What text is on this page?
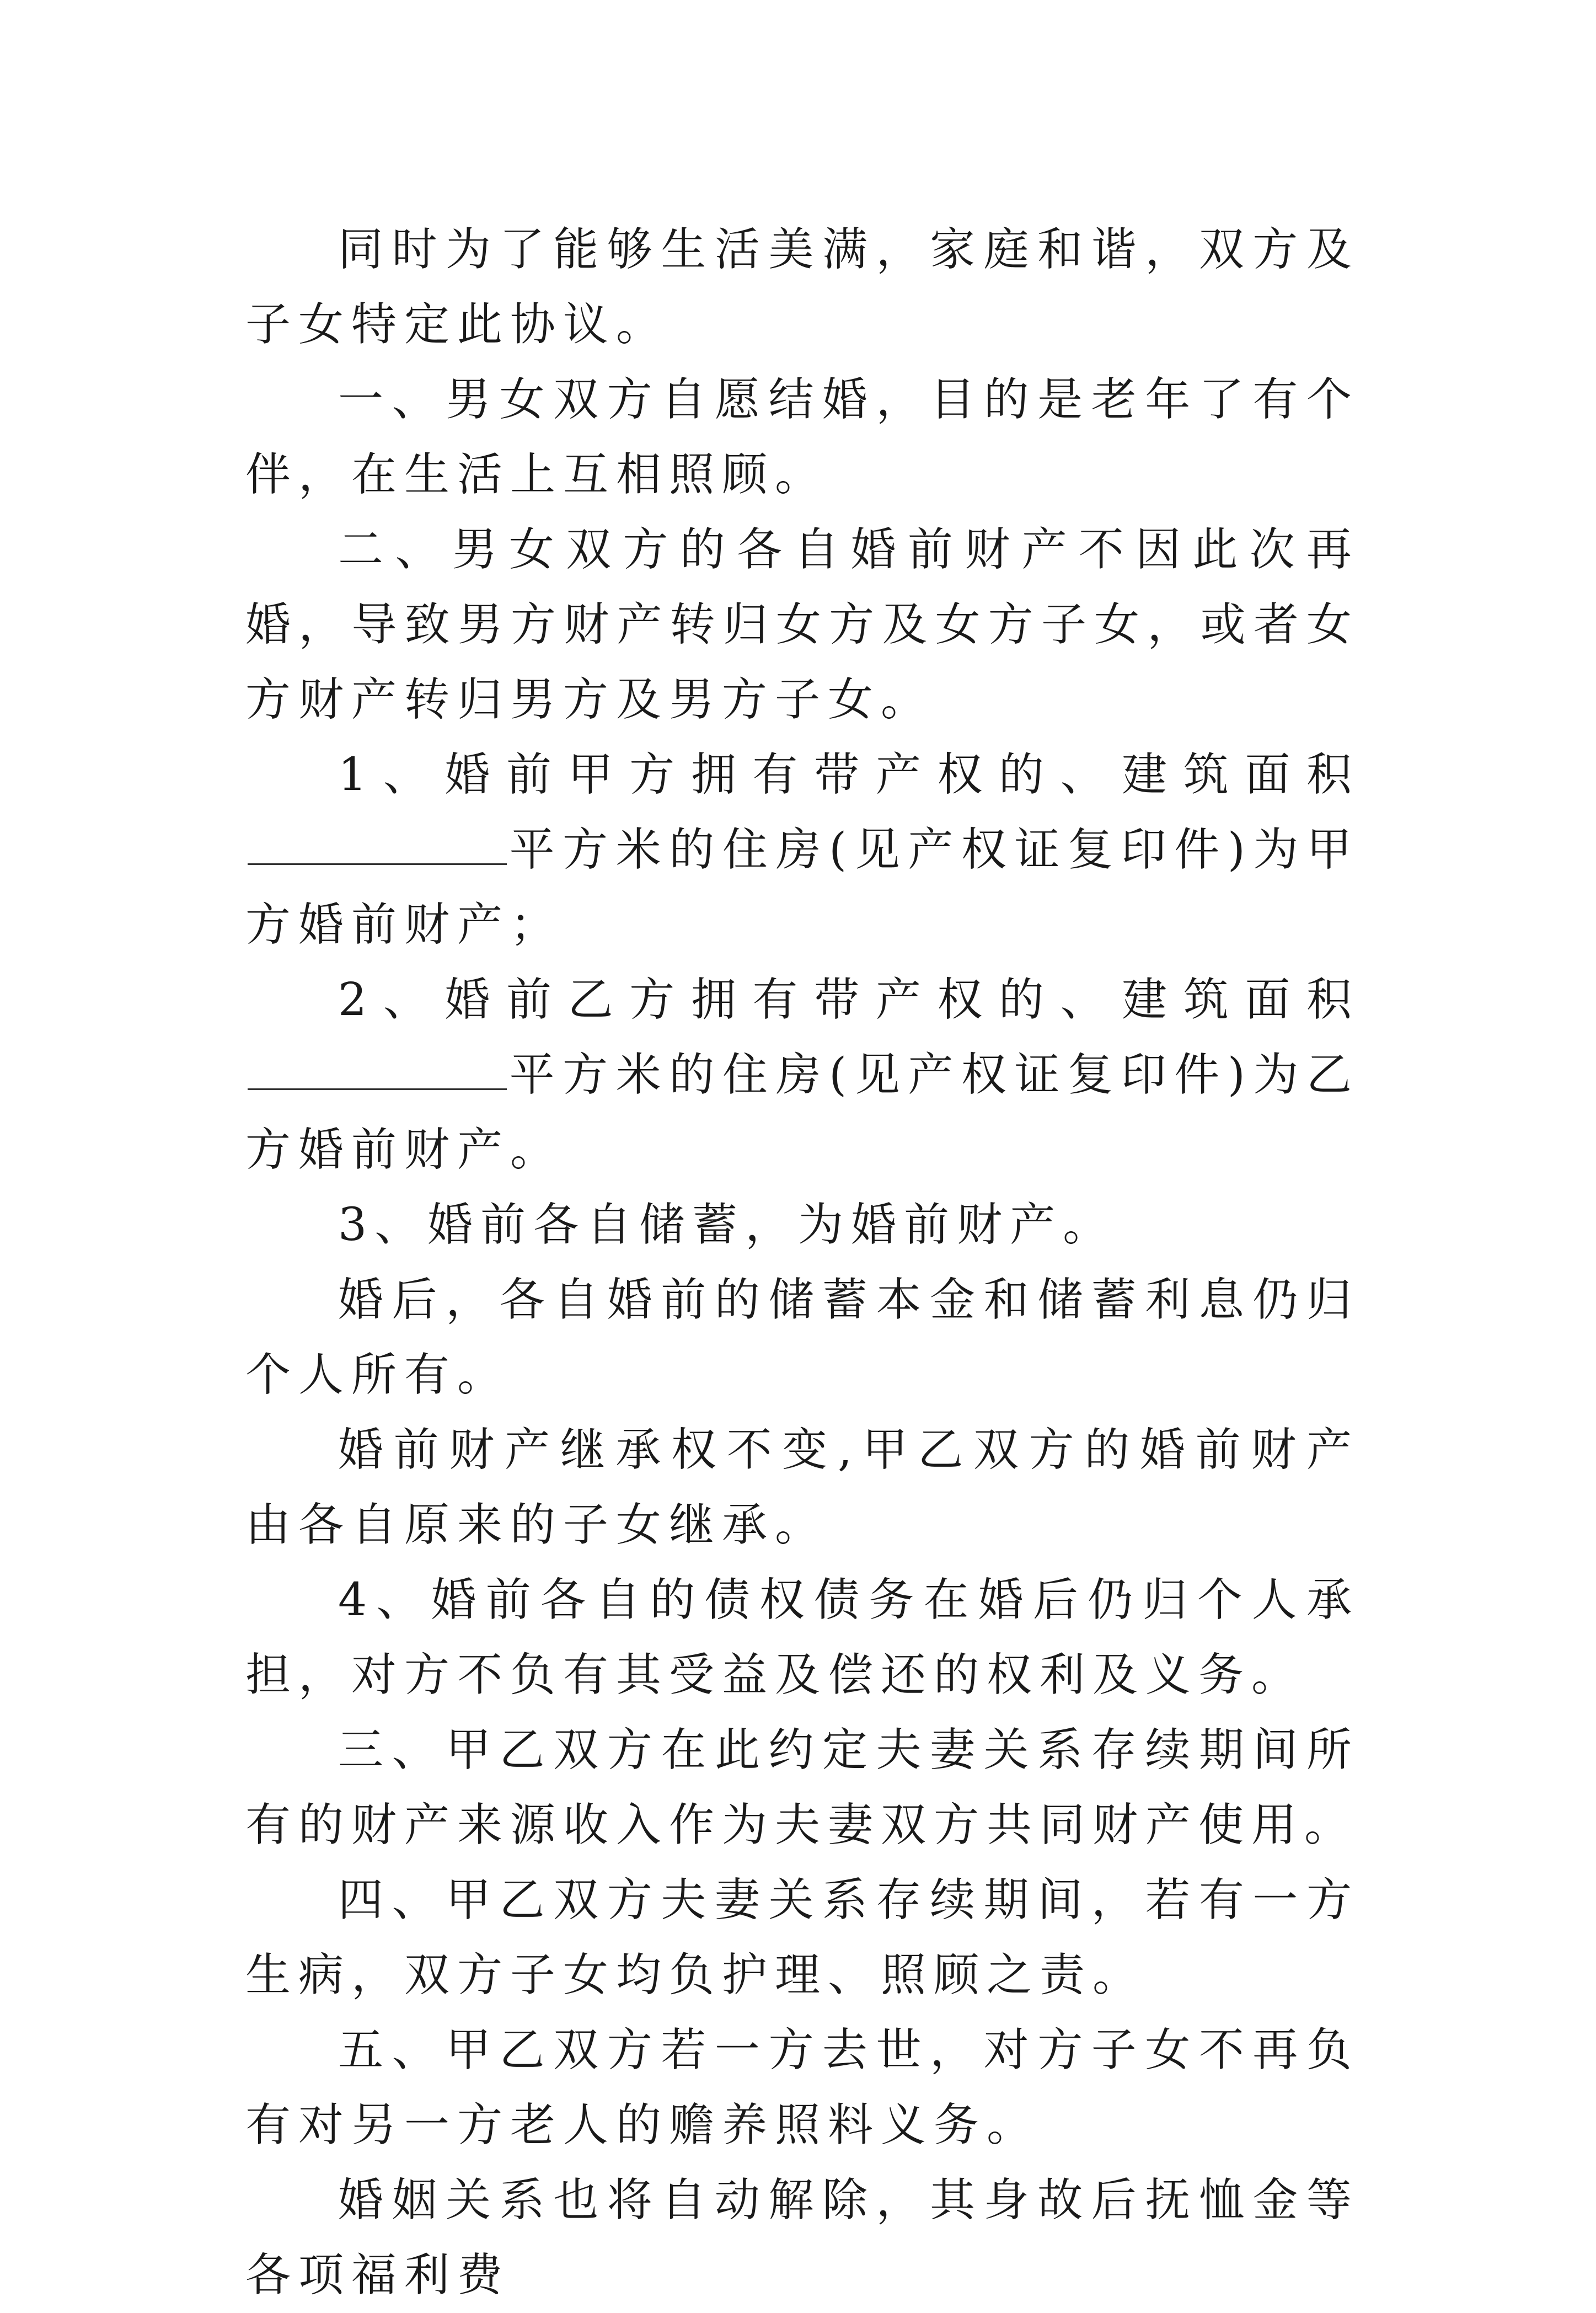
同时为了能够生活美满，家庭和谐，双方及子女特定此协议。

一、男女双方自愿结婚，目的是老年了有个伴，在生活上互相照顾。

二、男女双方的各自婚前财产不因此次再婚，导致男方财产转归女方及女方子女，或者女方财产转归男方及男方子女。

1、婚前甲方拥有带产权的、建筑面积平方米的住房(见产权证复印件)为甲方婚前财产；

2、婚前乙方拥有带产权的、建筑面积平方米的住房(见产权证复印件)为乙方婚前财产。

3、婚前各自储蓄，为婚前财产。

婚后，各自婚前的储蓄本金和储蓄利息仍归个人所有。

婚前财产继承权不变,甲乙双方的婚前财产由各自原来的子女继承。

4、婚前各自的债权债务在婚后仍归个人承担，对方不负有其受益及偿还的权利及义务。

三、甲乙双方在此约定夫妻关系存续期间所有的财产来源收入作为夫妻双方共同财产使用。

四、甲乙双方夫妻关系存续期间，若有一方生病，双方子女均负护理、照顾之责。

五、甲乙双方若一方去世，对方子女不再负有对另一方老人的赡养照料义务。

婚姻关系也将自动解除，其身故后抚恤金等各项福利费
